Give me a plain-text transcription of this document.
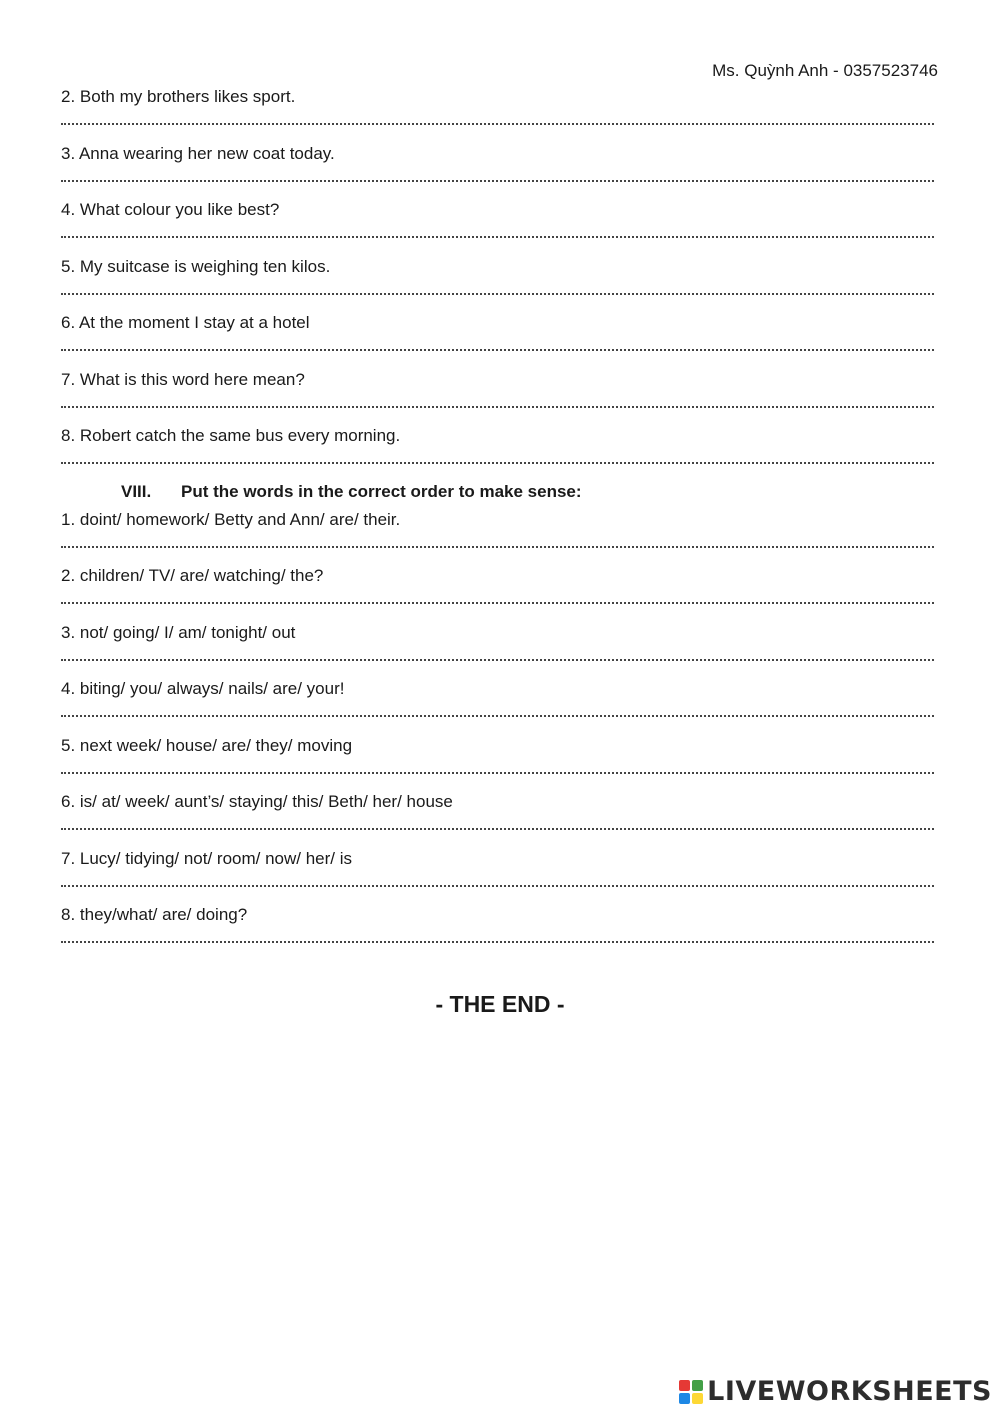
Ms. Quỳnh Anh - 0357523746
2. Both my brothers likes sport.
3. Anna wearing her new coat today.
4. What colour you like best?
5. My suitcase is weighing ten kilos.
6. At the moment I stay at a hotel
7. What is this word here mean?
8. Robert catch the same bus every morning.
VIII. Put the words in the correct order to make sense:
1. doint/ homework/ Betty and Ann/ are/ their.
2. children/ TV/ are/ watching/ the?
3. not/ going/ I/ am/ tonight/ out
4. biting/ you/ always/ nails/ are/ your!
5. next week/ house/ are/ they/ moving
6. is/ at/ week/ aunt’s/ staying/ this/ Beth/ her/ house
7. Lucy/ tidying/ not/ room/ now/ her/ is
8. they/what/ are/ doing?
- THE END -
LIVEWORKSHEETS
